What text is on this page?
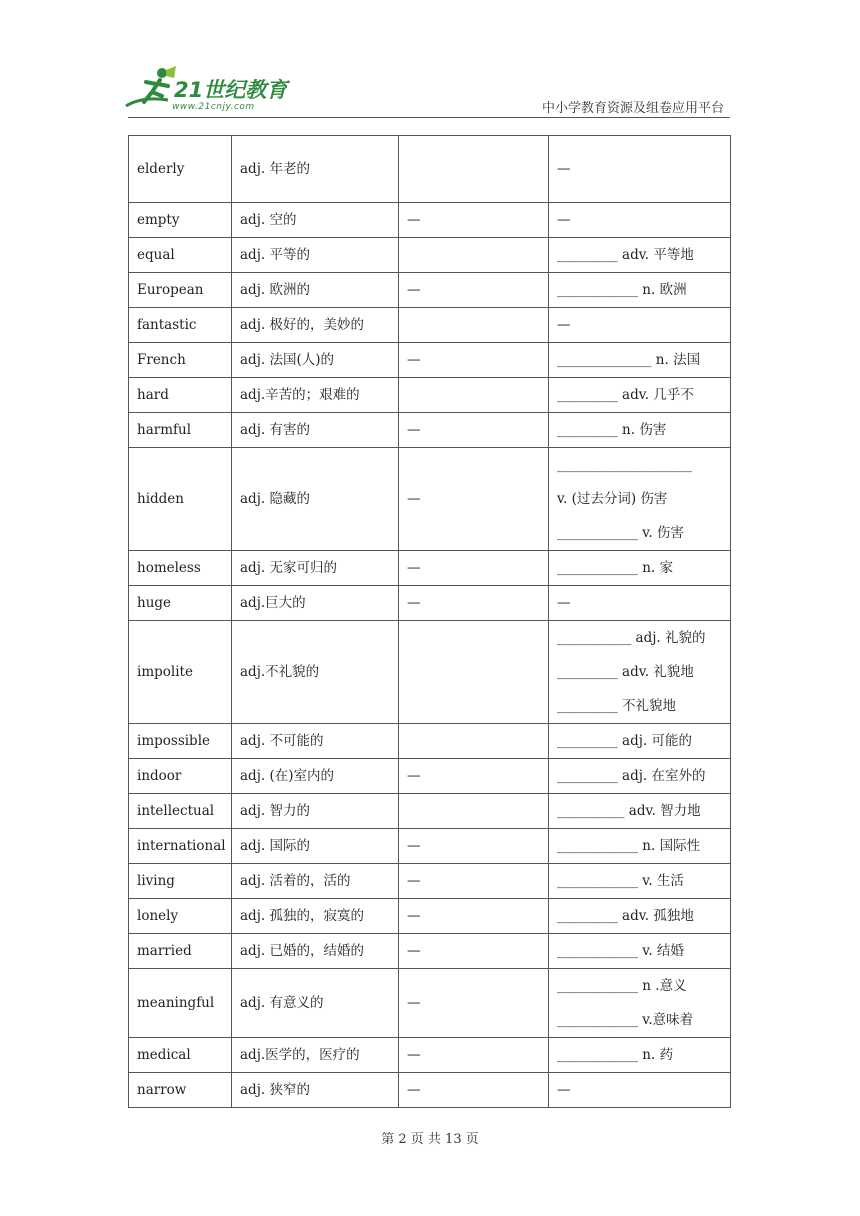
21世纪教育
www.21cnjy.com	中小学教育资源及组卷应用平台
elderly	adj. 年老的		—

empty	adj. 空的	—	—

equal	adj. 平等的		_________ adv. 平等地

European	adj. 欧洲的	—	____________ n. 欧洲

fantastic	adj. 极好的，美妙的		—

French	adj. 法国(人)的	—	______________ n. 法国

hard	adj.辛苦的；艰难的		_________ adv. 几乎不

harmful	adj. 有害的	—	_________ n. 伤害

hidden	adj. 隐藏的	—	____________________
v. (过去分词) 伤害
____________ v. 伤害

homeless	adj. 无家可归的	—	____________ n. 家

huge	adj.巨大的	—	—

impolite	adj.不礼貌的		___________ adj. 礼貌的
_________ adv. 礼貌地
_________ 不礼貌地

impossible	adj. 不可能的		_________ adj. 可能的

indoor	adj. (在)室内的	—	_________ adj. 在室外的

intellectual	adj. 智力的		__________ adv. 智力地

international	adj. 国际的	—	____________ n. 国际性

living	adj. 活着的，活的	—	____________ v. 生活

lonely	adj. 孤独的，寂寞的	—	_________ adv. 孤独地

married	adj. 已婚的，结婚的	—	____________ v. 结婚

meaningful	adj. 有意义的	—	____________ n .意义
____________ v.意味着

medical	adj.医学的，医疗的	—	____________ n. 药

narrow	adj. 狭窄的	—	—
第 2 页 共 13 页
